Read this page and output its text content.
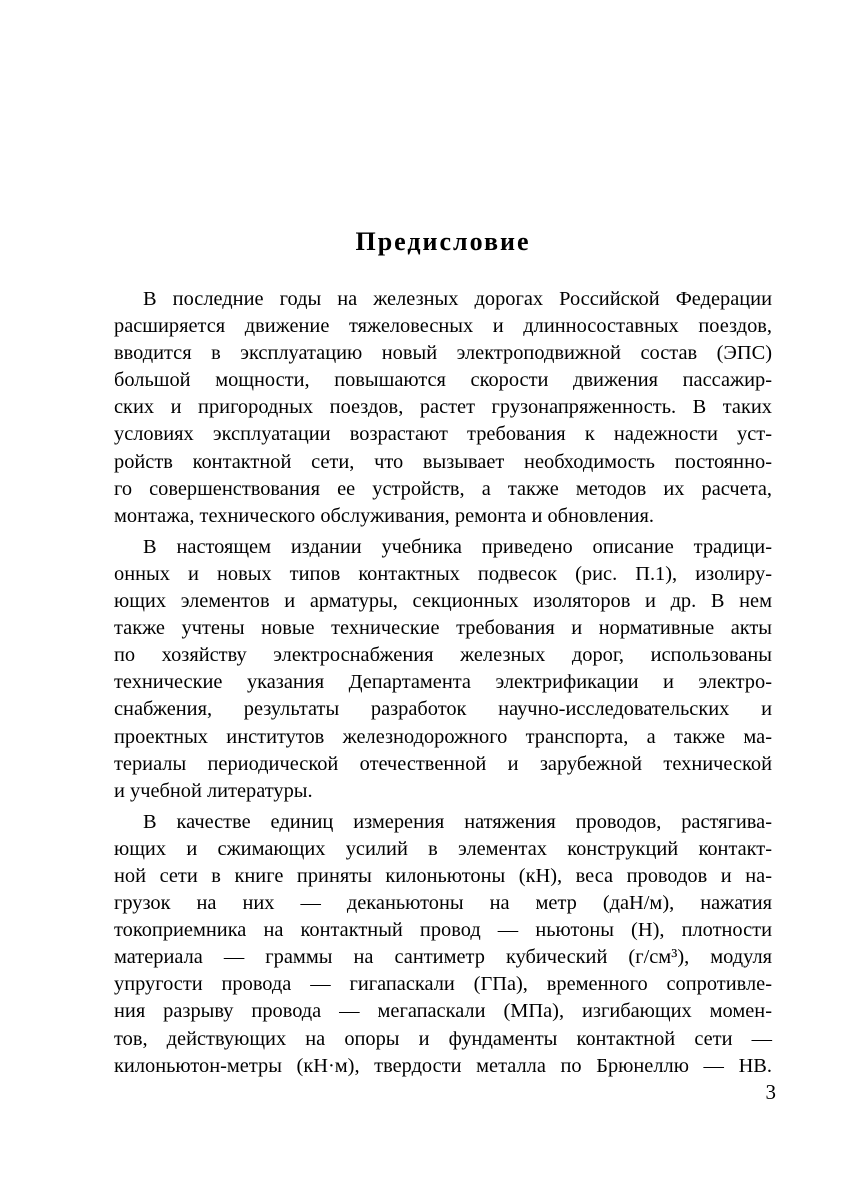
Предисловие
В последние годы на железных дорогах Российской Федерации
расширяется движение тяжеловесных и длинносоставных поездов,
вводится в эксплуатацию новый электроподвижной состав (ЭПС)
большой мощности, повышаются скорости движения пассажир-
ских и пригородных поездов, растет грузонапряженность. В таких
условиях эксплуатации возрастают требования к надежности уст-
ройств контактной сети, что вызывает необходимость постоянно-
го совершенствования ее устройств, а также методов их расчета,
монтажа, технического обслуживания, ремонта и обновления.
В настоящем издании учебника приведено описание традици-
онных и новых типов контактных подвесок (рис. П.1), изолиру-
ющих элементов и арматуры, секционных изоляторов и др. В нем
также учтены новые технические требования и нормативные акты
по хозяйству электроснабжения железных дорог, использованы
технические указания Департамента электрификации и электро-
снабжения, результаты разработок научно-исследовательских и
проектных институтов железнодорожного транспорта, а также ма-
териалы периодической отечественной и зарубежной технической
и учебной литературы.
В качестве единиц измерения натяжения проводов, растягива-
ющих и сжимающих усилий в элементах конструкций контакт-
ной сети в книге приняты килоньютоны (кН), веса проводов и на-
грузок на них — деканьютоны на метр (даН/м), нажатия
токоприемника на контактный провод — ньютоны (Н), плотности
материала — граммы на сантиметр кубический (г/см³), модуля
упругости провода — гигапаскали (ГПа), временного сопротивле-
ния разрыву провода — мегапаскали (МПа), изгибающих момен-
тов, действующих на опоры и фундаменты контактной сети —
килоньютон-метры (кН·м), твердости металла по Брюнеллю — НВ.
3
